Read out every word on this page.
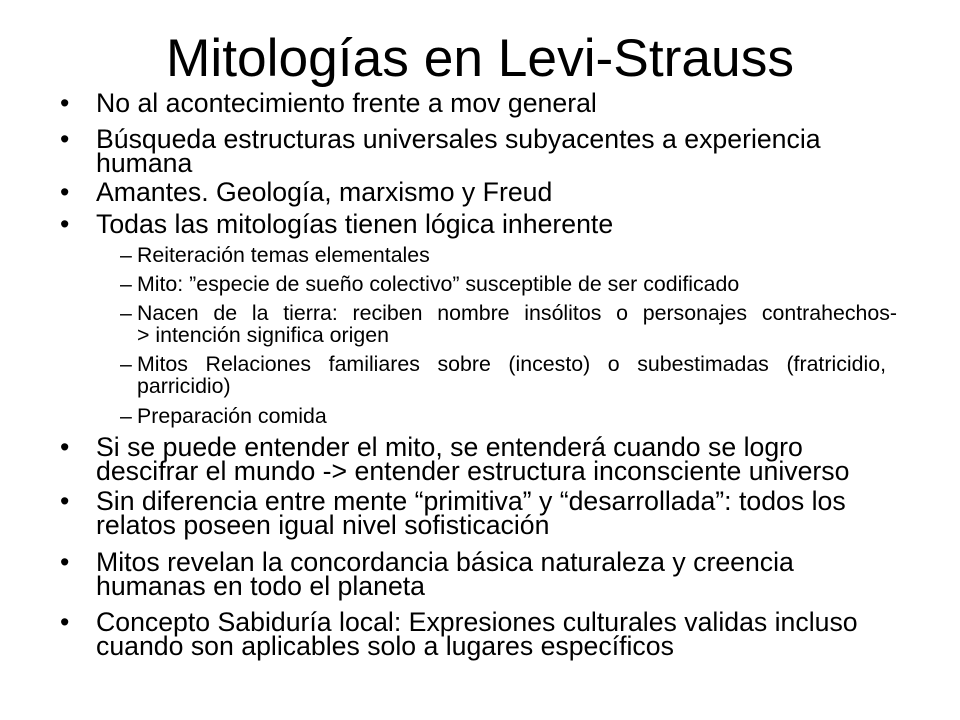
Mitologías en Levi-Strauss
• No al acontecimiento frente a mov general
• Búsqueda estructuras universales subyacentes a experiencia
humana
• Amantes. Geología, marxismo y Freud
• Todas las mitologías tienen lógica inherente
– Reiteración temas elementales
– Mito: ”especie de sueño colectivo” susceptible de ser codificado
– Nacen de la tierra: reciben nombre insólitos o personajes contrahechos-
> intención significa origen
– Mitos Relaciones familiares sobre (incesto) o subestimadas (fratricidio,
parricidio)
– Preparación comida
• Si se puede entender el mito, se entenderá cuando se logro
descifrar el mundo -> entender estructura inconsciente universo
• Sin diferencia entre mente “primitiva” y “desarrollada”: todos los
relatos poseen igual nivel sofisticación
• Mitos revelan la concordancia básica naturaleza y creencia
humanas en todo el planeta
• Concepto Sabiduría local: Expresiones culturales validas incluso
cuando son aplicables solo a lugares específicos
